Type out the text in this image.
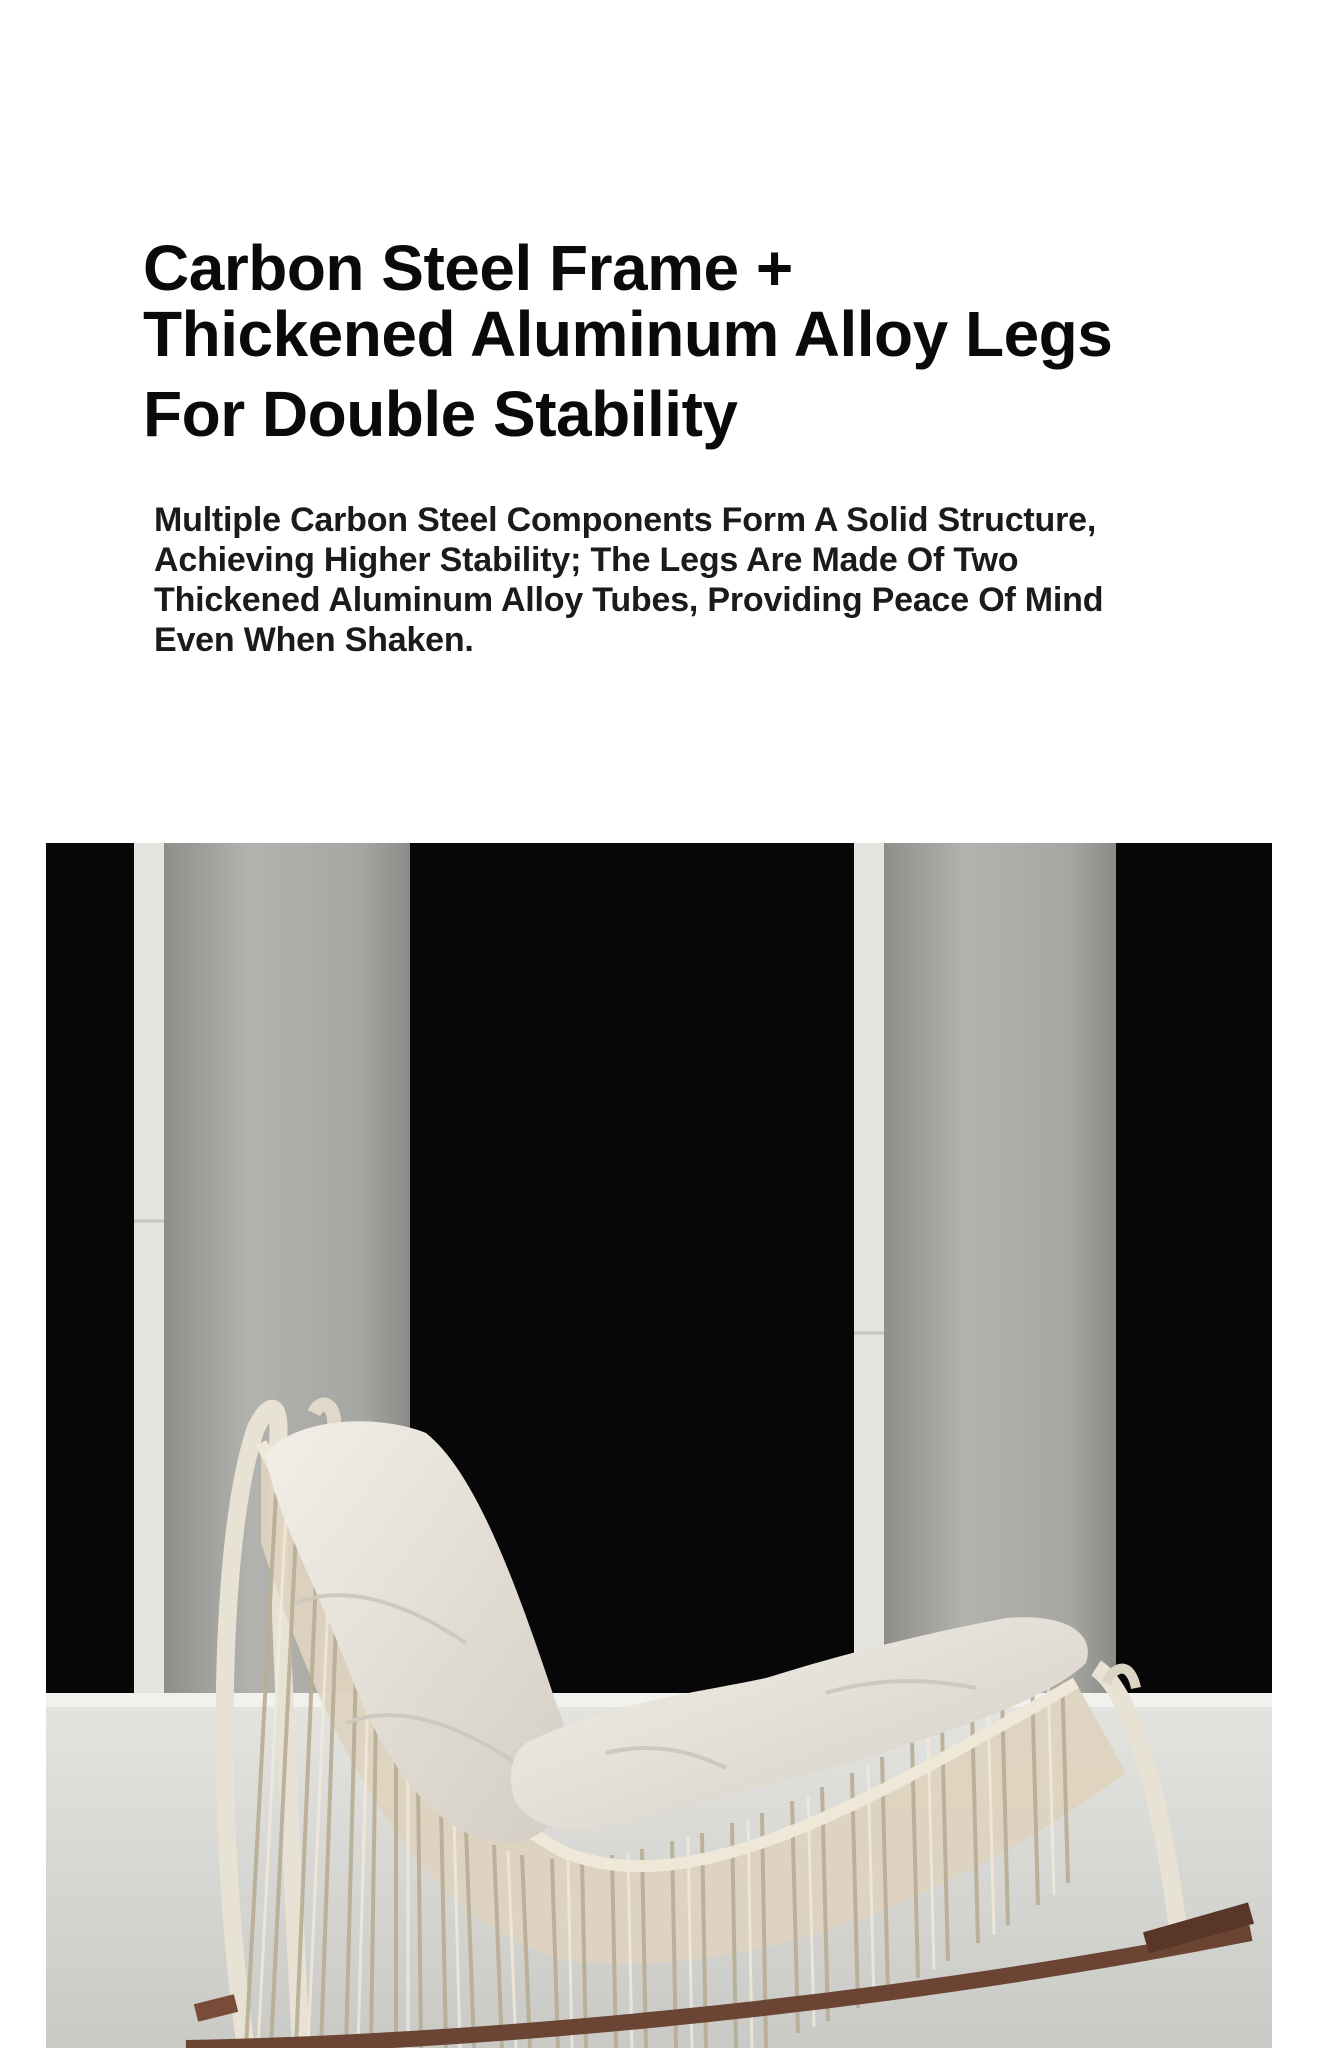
Carbon Steel Frame +
Thickened Aluminum Alloy Legs
For Double Stability

Multiple Carbon Steel Components Form A Solid Structure, Achieving Higher Stability; The Legs Are Made Of Two Thickened Aluminum Alloy Tubes, Providing Peace Of Mind Even When Shaken.
